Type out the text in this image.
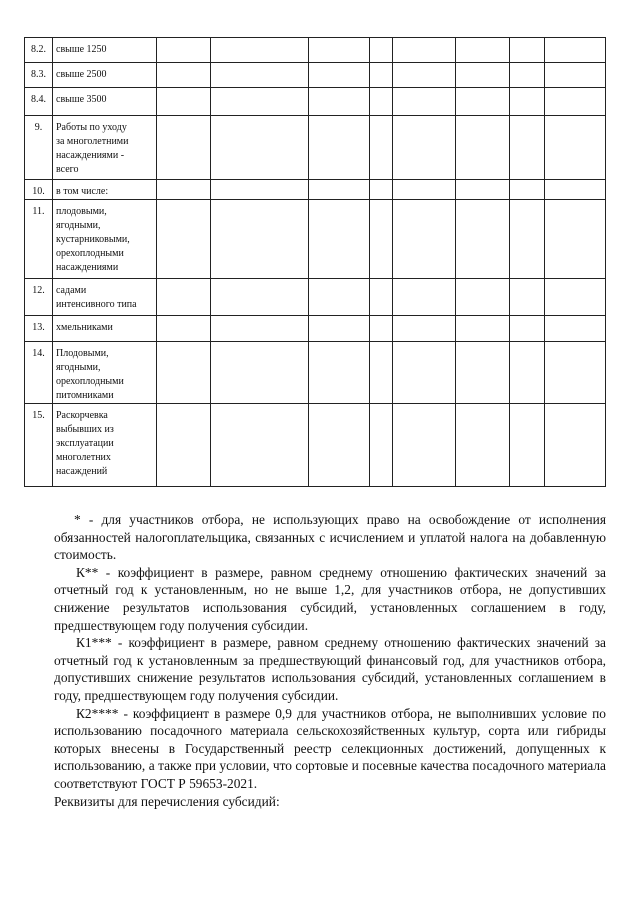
8.2.	свыше 1250								

8.3.	свыше 2500								

8.4.	свыше 3500								

9.	Работы по уходу
за многолетними
насаждениями -
всего								

10.	в том числе:								

11.	плодовыми,
ягодными,
кустарниковыми,
орехоплодными
насаждениями								

12.	садами
интенсивного типа								

13.	хмельниками								

14.	Плодовыми,
ягодными,
орехоплодными
питомниками								

15.	Раскорчевка
выбывших из
эксплуатации
многолетних
насаждений								

* - для участников отбора, не использующих право на освобождение от исполнения обязанностей налогоплательщика, связанных с исчислением и уплатой налога на добавленную стоимость.

К** - коэффициент в размере, равном среднему отношению фактических значений за отчетный год к установленным, но не выше 1,2, для участников отбора, не допустивших снижение результатов использования субсидий, установленных соглашением в году, предшествующем году получения субсидии.

К1*** - коэффициент в размере, равном среднему отношению фактических значений за отчетный год к установленным за предшествующий финансовый год, для участников отбора, допустивших снижение результатов использования субсидий, установленных соглашением в году, предшествующем году получения субсидии.

К2**** - коэффициент в размере 0,9 для участников отбора, не выполнивших условие по использованию посадочного материала сельскохозяйственных культур, сорта или гибриды которых внесены в Государственный реестр селекционных достижений, допущенных к использованию, а также при условии, что сортовые и посевные качества посадочного материала соответствуют ГОСТ Р 59653-2021.

Реквизиты для перечисления субсидий:
